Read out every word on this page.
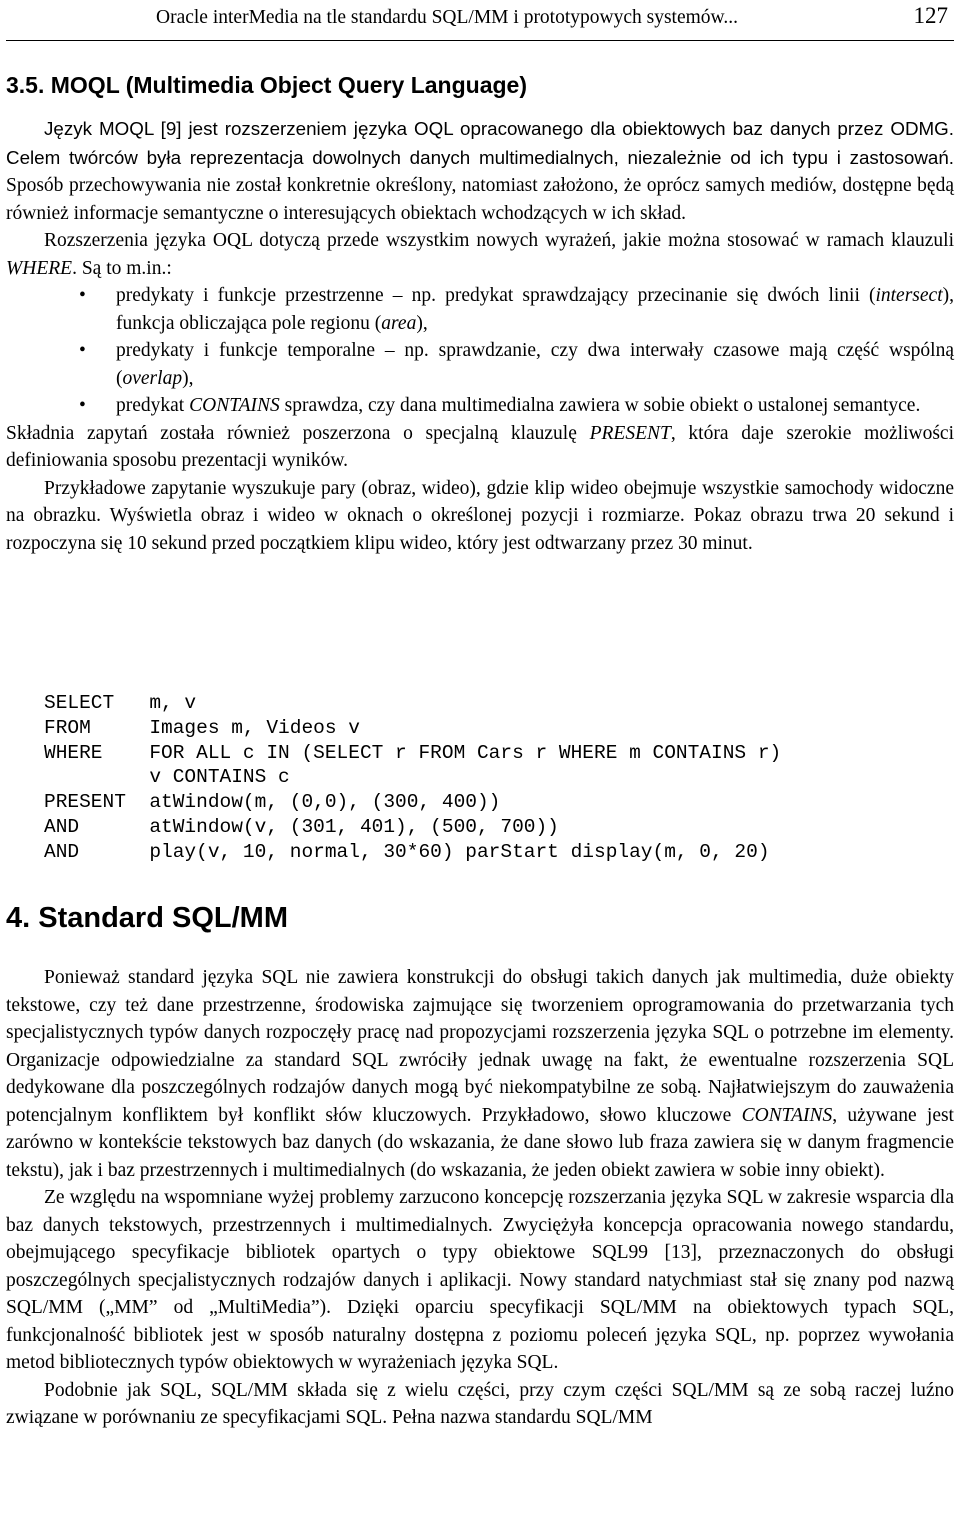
Oracle interMedia na tle standardu SQL/MM i prototypowych systemów...	127
3.5. MOQL (Multimedia Object Query Language)

Język MOQL [9] jest rozszerzeniem języka OQL opracowanego dla obiektowych baz danych przez ODMG. Celem twórców była reprezentacja dowolnych danych multimedialnych, niezależnie od ich typu i zastosowań. Sposób przechowywania nie został konkretnie określony, natomiast założono, że oprócz samych mediów, dostępne będą również informacje semantyczne o interesujących obiektach wchodzących w ich skład.

Rozszerzenia języka OQL dotyczą przede wszystkim nowych wyrażeń, jakie można stosować w ramach klauzuli WHERE. Są to m.in.:

• predykaty i funkcje przestrzenne – np. predykat sprawdzający przecinanie się dwóch linii (intersect), funkcja obliczająca pole regionu (area),
• predykaty i funkcje temporalne – np. sprawdzanie, czy dwa interwały czasowe mają część wspólną (overlap),
• predykat CONTAINS sprawdza, czy dana multimedialna zawiera w sobie obiekt o ustalonej semantyce.

Składnia zapytań została również poszerzona o specjalną klauzulę PRESENT, która daje szerokie możliwości definiowania sposobu prezentacji wyników.

Przykładowe zapytanie wyszukuje pary (obraz, wideo), gdzie klip wideo obejmuje wszystkie samochody widoczne na obrazku. Wyświetla obraz i wideo w oknach o określonej pozycji i rozmiarze. Pokaz obrazu trwa 20 sekund i rozpoczyna się 10 sekund przed początkiem klipu wideo, który jest odtwarzany przez 30 minut.

SELECT   m, v
FROM     Images m, Videos v
WHERE    FOR ALL c IN (SELECT r FROM Cars r WHERE m CONTAINS r)
v CONTAINS c
PRESENT  atWindow(m, (0,0), (300, 400))
AND      atWindow(v, (301, 401), (500, 700))
AND      play(v, 10, normal, 30*60) parStart display(m, 0, 20)
4. Standard SQL/MM

Ponieważ standard języka SQL nie zawiera konstrukcji do obsługi takich danych jak multimedia, duże obiekty tekstowe, czy też dane przestrzenne, środowiska zajmujące się tworzeniem oprogramowania do przetwarzania tych specjalistycznych typów danych rozpoczęły pracę nad propozycjami rozszerzenia języka SQL o potrzebne im elementy. Organizacje odpowiedzialne za standard SQL zwróciły jednak uwagę na fakt, że ewentualne rozszerzenia SQL dedykowane dla poszczególnych rodzajów danych mogą być niekompatybilne ze sobą. Najłatwiejszym do zauważenia potencjalnym konfliktem był konflikt słów kluczowych. Przykładowo, słowo kluczowe CONTAINS, używane jest zarówno w kontekście tekstowych baz danych (do wskazania, że dane słowo lub fraza zawiera się w danym fragmencie tekstu), jak i baz przestrzennych i multimedialnych (do wskazania, że jeden obiekt zawiera w sobie inny obiekt).

Ze względu na wspomniane wyżej problemy zarzucono koncepcję rozszerzania języka SQL w zakresie wsparcia dla baz danych tekstowych, przestrzennych i multimedialnych. Zwyciężyła koncepcja opracowania nowego standardu, obejmującego specyfikacje bibliotek opartych o typy obiektowe SQL99 [13], przeznaczonych do obsługi poszczególnych specjalistycznych rodzajów danych i aplikacji. Nowy standard natychmiast stał się znany pod nazwą SQL/MM („MM” od „MultiMedia”). Dzięki oparciu specyfikacji SQL/MM na obiektowych typach SQL, funkcjonalność bibliotek jest w sposób naturalny dostępna z poziomu poleceń języka SQL, np. poprzez wywołania metod bibliotecznych typów obiektowych w wyrażeniach języka SQL.

Podobnie jak SQL, SQL/MM składa się z wielu części, przy czym części SQL/MM są ze sobą raczej luźno związane w porównaniu ze specyfikacjami SQL. Pełna nazwa standardu SQL/MM
